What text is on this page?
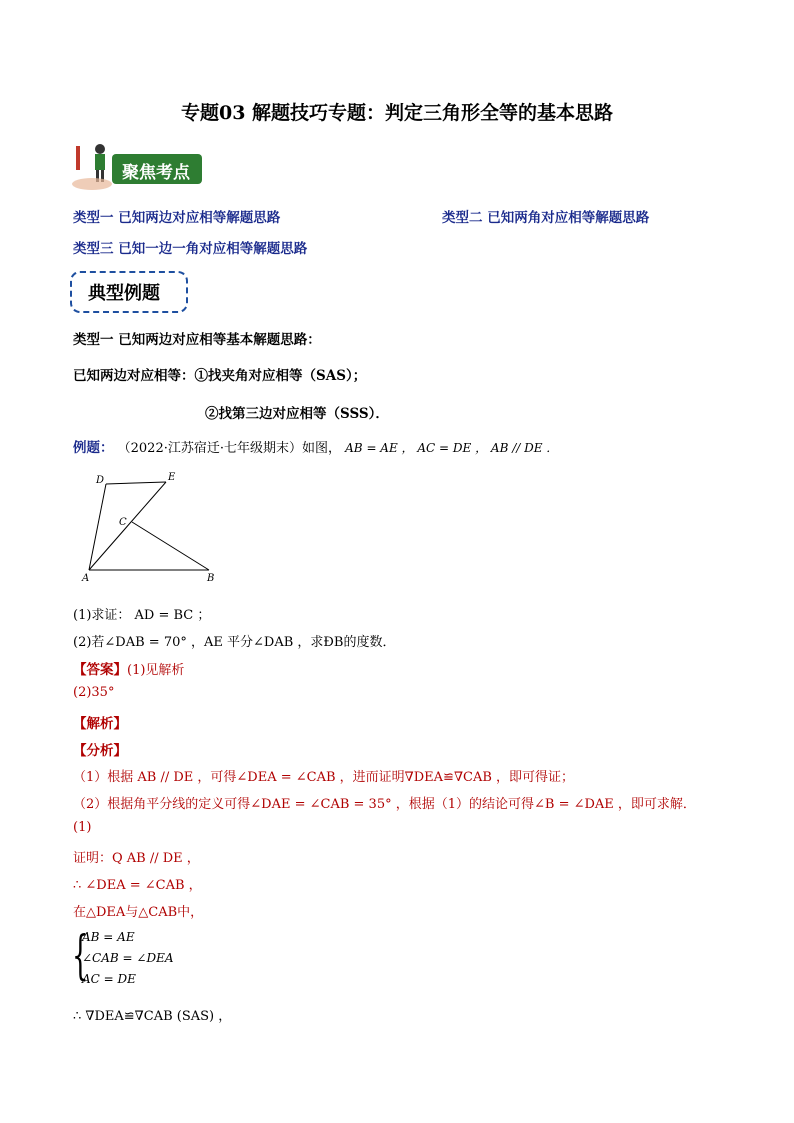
专题03 解题技巧专题：判定三角形全等的基本思路
聚焦考点
类型一 已知两边对应相等解题思路	类型二 已知两角对应相等解题思路
类型三 已知一边一角对应相等解题思路
典型例题
类型一 已知两边对应相等基本解题思路：
已知两边对应相等：①找夹角对应相等（SAS）；
②找第三边对应相等（SSS）．
例题： （2022·江苏宿迁·七年级期末）如图， AB = AE ， AC = DE ， AB // DE ．
D	E
C
A	B
(1)求证： AD = BC ；
(2)若∠DAB = 70° ，AE 平分∠DAB ，求ÐB的度数．
【答案】(1)见解析
(2)35°
【解析】
【分析】
（1）根据 AB // DE ，可得∠DEA = ∠CAB ，进而证明∇DEA≌∇CAB ，即可得证；
（2）根据角平分线的定义可得∠DAE = ∠CAB = 35° ，根据（1）的结论可得∠B = ∠DAE ，即可求解．
(1)
证明：Q AB // DE ，
∴ ∠DEA = ∠CAB ，
在△DEA与△CAB中，
{
AB = AE
∠CAB = ∠DEA
AC = DE
∴ ∇DEA≌∇CAB (SAS) ，
